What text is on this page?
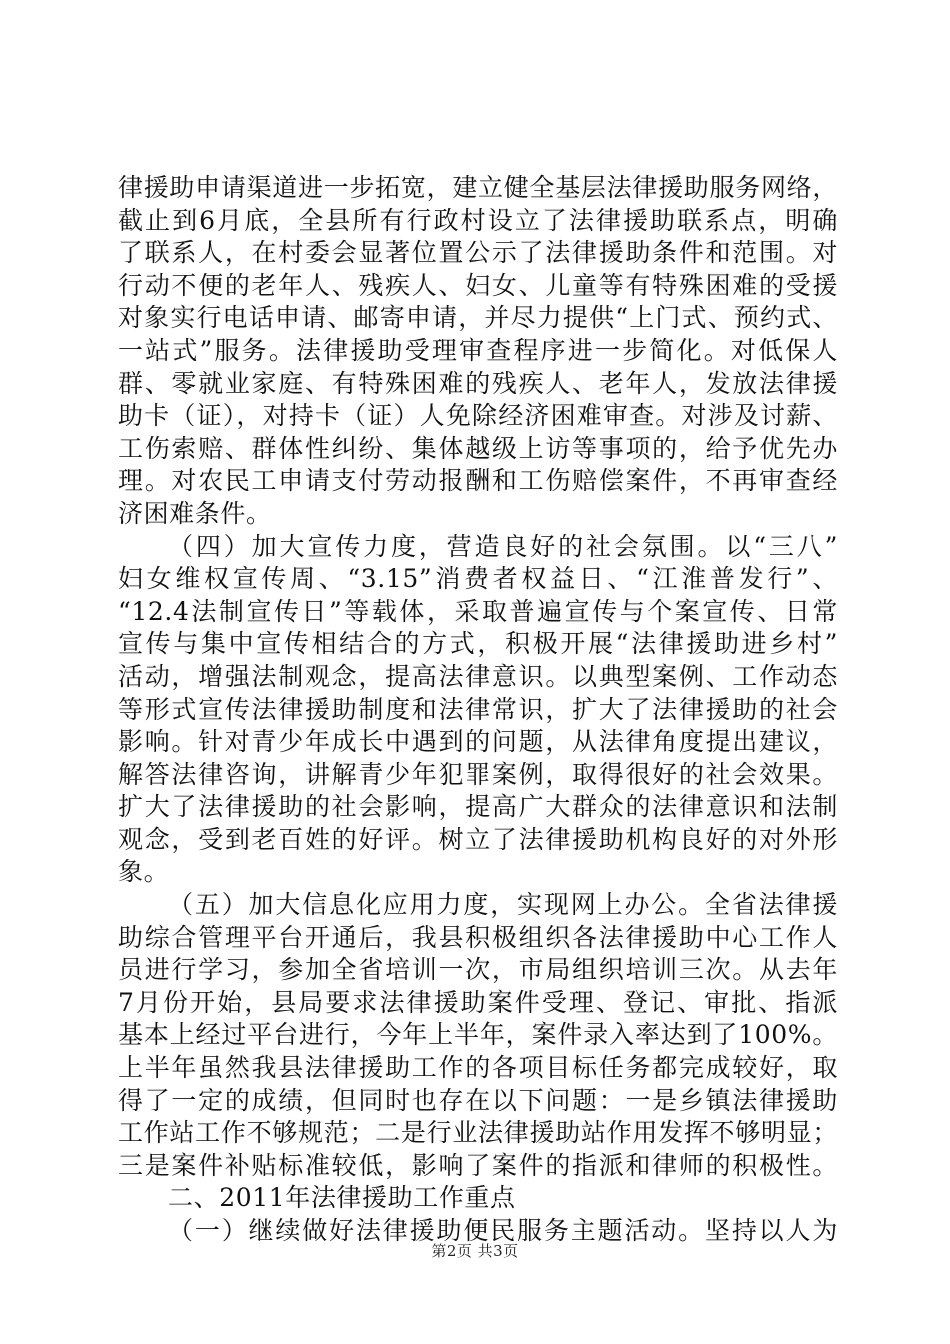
律援助申请渠道进一步拓宽，建立健全基层法律援助服务网络，
截止到6月底，全县所有行政村设立了法律援助联系点，明确
了联系人，在村委会显著位置公示了法律援助条件和范围。对
行动不便的老年人、残疾人、妇女、儿童等有特殊困难的受援
对象实行电话申请、邮寄申请，并尽力提供“上门式、预约式、
一站式”服务。法律援助受理审查程序进一步简化。对低保人
群、零就业家庭、有特殊困难的残疾人、老年人，发放法律援
助卡（证），对持卡（证）人免除经济困难审查。对涉及讨薪、
工伤索赔、群体性纠纷、集体越级上访等事项的，给予优先办
理。对农民工申请支付劳动报酬和工伤赔偿案件，不再审查经
济困难条件。
（四）加大宣传力度，营造良好的社会氛围。以“三八”
妇女维权宣传周、“3.15”消费者权益日、“江淮普发行”、
“12.4法制宣传日”等载体，采取普遍宣传与个案宣传、日常
宣传与集中宣传相结合的方式，积极开展“法律援助进乡村”
活动，增强法制观念，提高法律意识。以典型案例、工作动态
等形式宣传法律援助制度和法律常识，扩大了法律援助的社会
影响。针对青少年成长中遇到的问题，从法律角度提出建议，
解答法律咨询，讲解青少年犯罪案例，取得很好的社会效果。
扩大了法律援助的社会影响，提高广大群众的法律意识和法制
观念，受到老百姓的好评。树立了法律援助机构良好的对外形
象。
（五）加大信息化应用力度，实现网上办公。全省法律援
助综合管理平台开通后，我县积极组织各法律援助中心工作人
员进行学习，参加全省培训一次，市局组织培训三次。从去年
7月份开始，县局要求法律援助案件受理、登记、审批、指派
基本上经过平台进行，今年上半年，案件录入率达到了100%。
上半年虽然我县法律援助工作的各项目标任务都完成较好，取
得了一定的成绩，但同时也存在以下问题：一是乡镇法律援助
工作站工作不够规范；二是行业法律援助站作用发挥不够明显；
三是案件补贴标准较低，影响了案件的指派和律师的积极性。
二、2011年法律援助工作重点
（一）继续做好法律援助便民服务主题活动。坚持以人为
第2页 共3页
